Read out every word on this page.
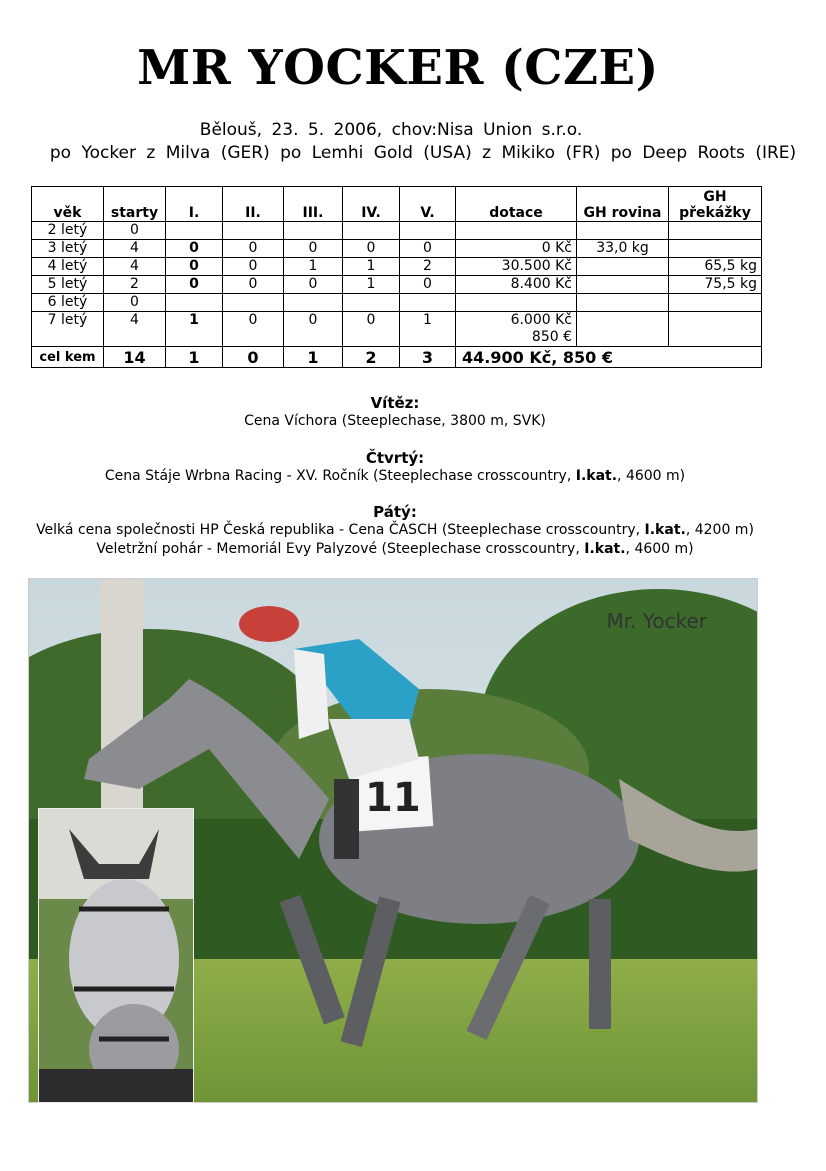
MR YOCKER (CZE)
Bělouš, 23. 5. 2006, chov:Nisa Union s.r.o.
po Yocker z Milva (GER) po Lemhi Gold (USA) z Mikiko (FR) po Deep Roots (IRE)
věk	starty	I.	II.	III.	IV.	V.	dotace	GH rovina	GH překážky
2 letý	0								
3 letý	4	0	0	0	0	0	0 Kč	33,0 kg	
4 letý	4	0	0	1	1	2	30.500 Kč		65,5 kg
5 letý	2	0	0	0	1	0	8.400 Kč		75,5 kg
6 letý	0								
7 letý	4	1	0	0	0	1	6.000 Kč
850 €		

cel kem	14	1	0	1	2	3	44.900 Kč, 850 €		
Vítěz:
Cena Víchora (Steeplechase, 3800 m, SVK)
Čtvrtý:
Cena Stáje Wrbna Racing - XV. Ročník (Steeplechase crosscountry, I.kat., 4600 m)
Pátý:
Velká cena společnosti HP Česká republika - Cena ČASCH (Steeplechase crosscountry, I.kat., 4200 m)
Veletržní pohár - Memoriál Evy Palyzové (Steeplechase crosscountry, I.kat., 4600 m)
11
Mr. Yocker
